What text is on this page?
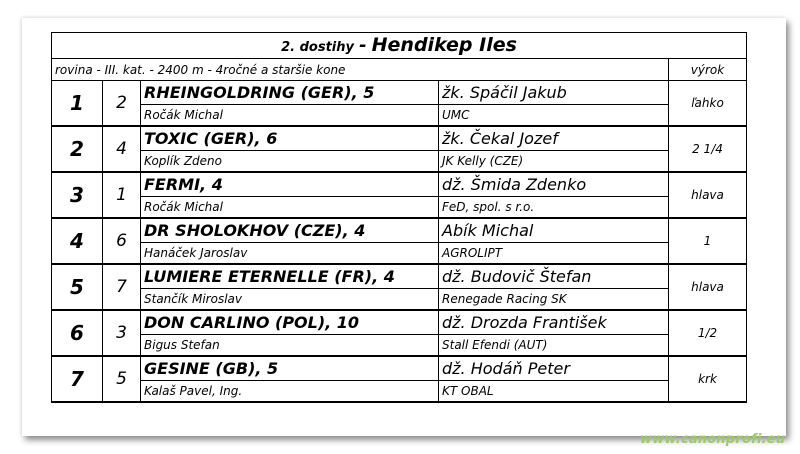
2. dostihy - Hendikep Iles				
rovina - III. kat. - 2400 m - 4ročné a staršie kone				výrok
1	2	RHEINGOLDRING (GER), 5	žk. Spáčil Jakub	ľahko
		Ročák Michal	UMC	
2	4	TOXIC (GER), 6	žk. Čekal Jozef	2 1/4
		Koplík Zdeno	JK Kelly (CZE)	
3	1	FERMI, 4	dž. Šmida Zdenko	hlava
		Ročák Michal	FeD, spol. s r.o.	
4	6	DR SHOLOKHOV (CZE), 4	Abík Michal	1
		Hanáček Jaroslav	AGROLIPT	
5	7	LUMIERE ETERNELLE (FR), 4	dž. Budovič Štefan	hlava
		Stančík Miroslav	Renegade Racing SK	
6	3	DON CARLINO (POL), 10	dž. Drozda František	1/2
		Bigus Stefan	Stall Efendi (AUT)	
7	5	GESINE (GB), 5	dž. Hodáň Peter	krk
		Kalaš Pavel, Ing.	KT OBAL	
www.canonprofi.eu
